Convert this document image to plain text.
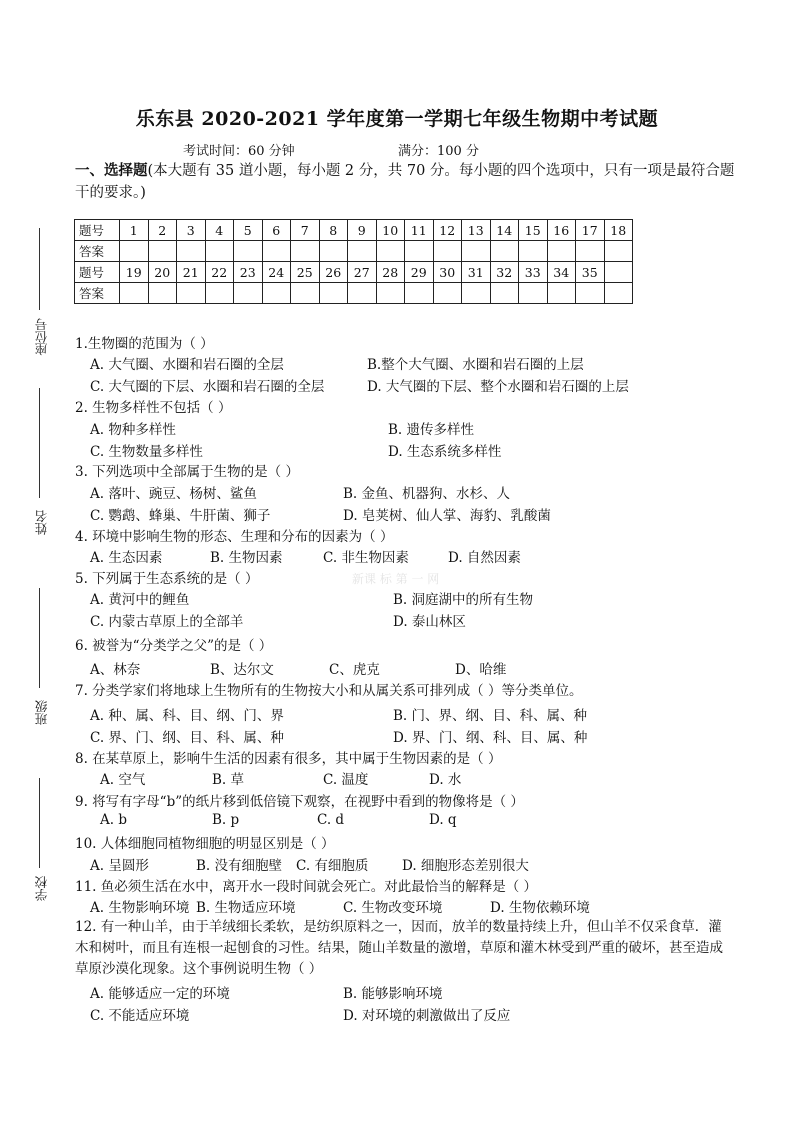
座位号
姓名
班级
学校
乐东县 2020-2021 学年度第一学期七年级生物期中考试题
考试时间：60 分钟	满分：100 分
一、选择题(本大题有 35 道小题，每小题 2 分，共 70 分。每小题的四个选项中，只有一项是最符合题干的要求。)
题号	1	2	3	4	5	6	7	8	9	10	11	12	13	14	15	16	17	18
答案																		
题号	19	20	21	22	23	24	25	26	27	28	29	30	31	32	33	34	35	
答案																		
1.生物圈的范围为（ ）
A. 大气圈、水圈和岩石圈的全层	B.整个大气圈、水圈和岩石圈的上层
C. 大气圈的下层、水圈和岩石圈的全层	D. 大气圈的下层、整个水圈和岩石圈的上层
2. 生物多样性不包括（ ）
A. 物种多样性	B. 遗传多样性
C. 生物数量多样性	D. 生态系统多样性
3. 下列选项中全部属于生物的是（ ）
A. 落叶、豌豆、杨树、鲨鱼	B. 金鱼、机器狗、水杉、人
C. 鹦鹉、蜂巢、牛肝菌、狮子	D. 皂荚树、仙人掌、海豹、乳酸菌
4. 环境中影响生物的形态、生理和分布的因素为（ ）
A. 生态因素	B. 生物因素	C. 非生物因素	D. 自然因素
5. 下列属于生态系统的是（ ）	新课 标 第 一 网
A. 黄河中的鲤鱼	B. 洞庭湖中的所有生物
C. 内蒙古草原上的全部羊	D. 泰山林区
6. 被誉为“分类学之父”的是（ ）
A、林奈	B、达尔文	C、虎克	D、哈维
7. 分类学家们将地球上生物所有的生物按大小和从属关系可排列成（ ）等分类单位。
A. 种、属、科、目、纲、门、界	B. 门、界、纲、目、科、属、种
C. 界、门、纲、目、科、属、种	D. 界、门、纲、科、目、属、种
8. 在某草原上，影响牛生活的因素有很多，其中属于生物因素的是（ ）
A. 空气	B. 草	C. 温度	D. 水
9. 将写有字母“b”的纸片移到低倍镜下观察，在视野中看到的物像将是（ ）
A. b	B. p	C. d	D. q
10. 人体细胞同植物细胞的明显区别是（ ）
A. 呈圆形	B. 没有细胞壁 C. 有细胞质 D. 细胞形态差别很大
11. 鱼必须生活在水中，离开水一段时间就会死亡。对此最恰当的解释是（ ）
A. 生物影响环境 B. 生物适应环境	C. 生物改变环境	D. 生物依赖环境
12. 有一种山羊，由于羊绒细长柔软，是纺织原料之一，因而，放羊的数量持续上升，但山羊不仅采食草．灌木和树叶，而且有连根一起刨食的习性。结果，随山羊数量的激增，草原和灌木林受到严重的破坏，甚至造成草原沙漠化现象。这个事例说明生物（ ）
A. 能够适应一定的环境	B. 能够影响环境
C. 不能适应环境	D. 对环境的刺激做出了反应
